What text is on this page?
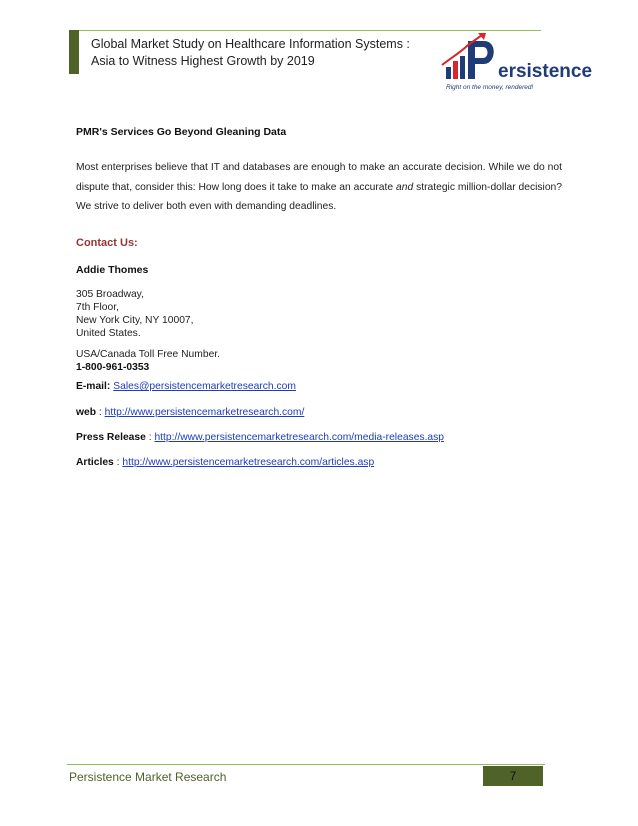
Global Market Study on Healthcare Information Systems :
Asia to Witness Highest Growth by 2019	ersistence
Right on the money, rendered!
PMR's Services Go Beyond Gleaning Data
Most enterprises believe that IT and databases are enough to make an accurate decision. While we do not dispute that, consider this: How long does it take to make an accurate and strategic million-dollar decision? We strive to deliver both even with demanding deadlines.
Contact Us:
Addie Thomes
305 Broadway,
7th Floor,
New York City, NY 10007,
United States.
USA/Canada Toll Free Number.
1-800-961-0353
E-mail: Sales@persistencemarketresearch.com
web : http://www.persistencemarketresearch.com/
Press Release : http://www.persistencemarketresearch.com/media-releases.asp
Articles : http://www.persistencemarketresearch.com/articles.asp
Persistence Market Research	7
